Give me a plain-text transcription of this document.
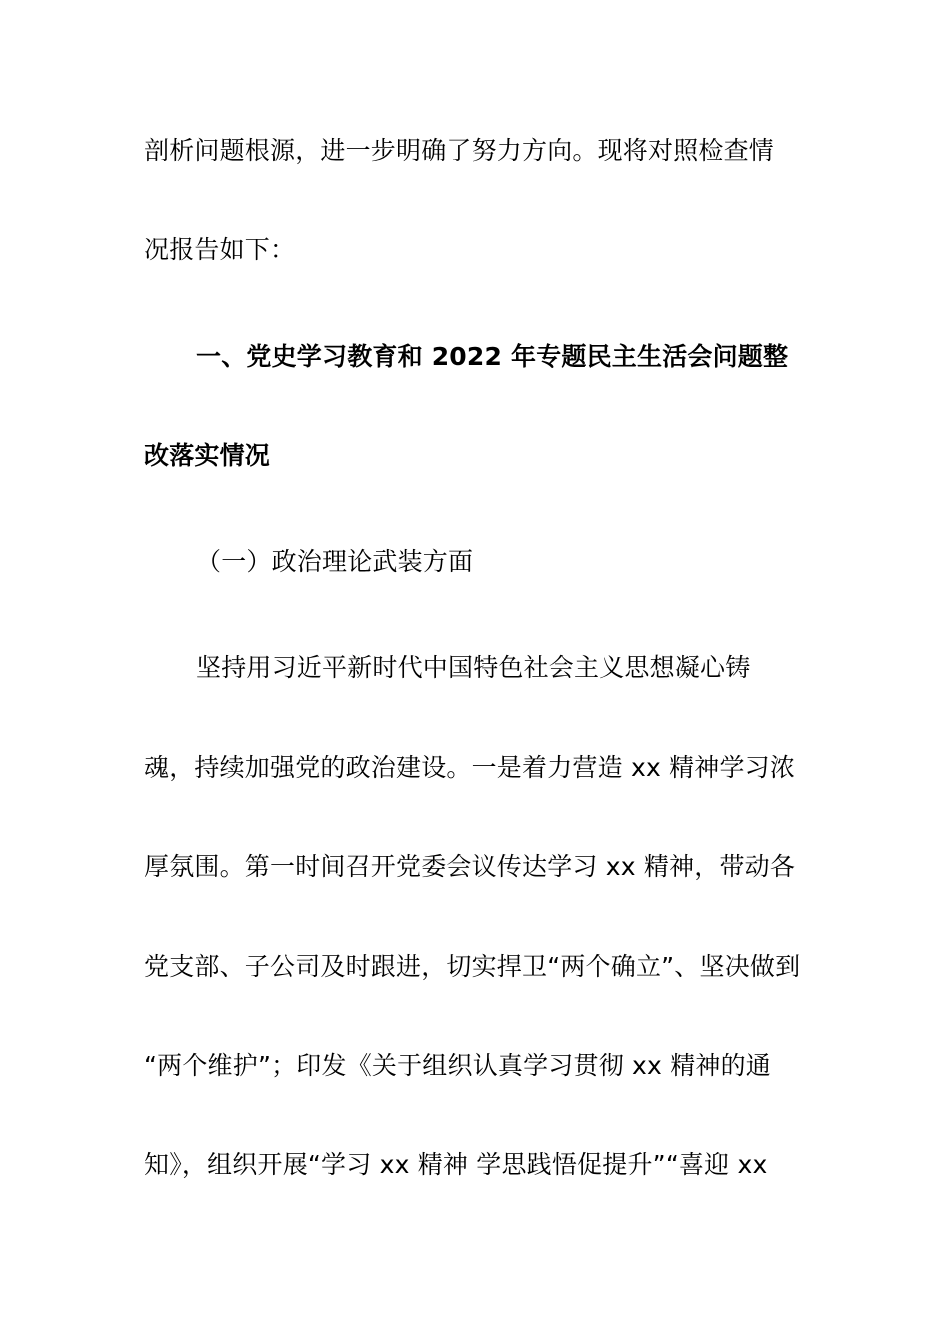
剖析问题根源，进一步明确了努力方向。现将对照检查情
况报告如下：
一、党史学习教育和 2022 年专题民主生活会问题整
改落实情况
（一）政治理论武装方面
坚持用习近平新时代中国特色社会主义思想凝心铸
魂，持续加强党的政治建设。一是着力营造 xx 精神学习浓
厚氛围。第一时间召开党委会议传达学习 xx 精神，带动各
党支部、子公司及时跟进，切实捍卫“两个确立”、坚决做到
“两个维护”；印发《关于组织认真学习贯彻 xx 精神的通
知》，组织开展“学习 xx 精神 学思践悟促提升”“喜迎 xx
